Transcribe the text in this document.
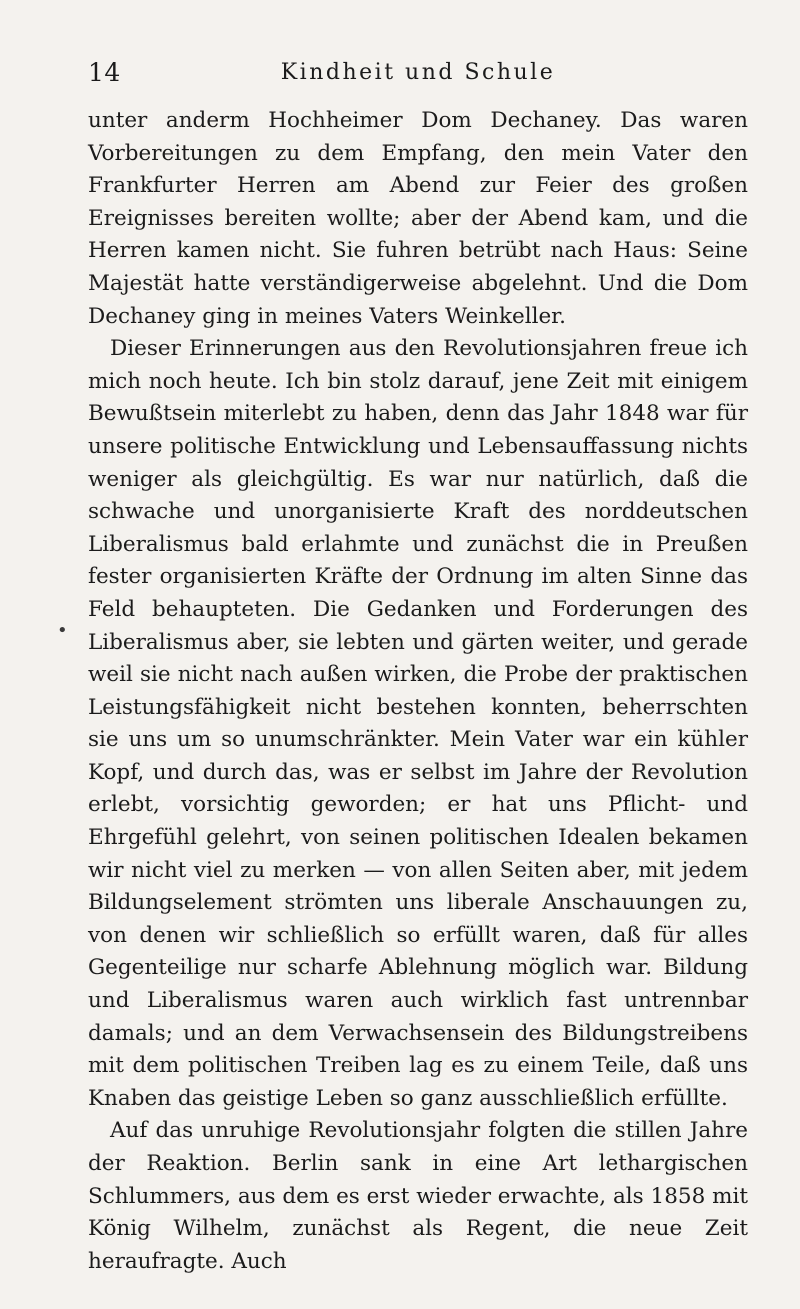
14	Kindheit und Schule
•

unter anderm Hochheimer Dom Dechaney. Das waren Vorbereitungen zu dem Empfang, den mein Vater den Frankfurter Herren am Abend zur Feier des großen Ereignisses bereiten wollte; aber der Abend kam, und die Herren kamen nicht. Sie fuhren betrübt nach Haus: Seine Majestät hatte verständigerweise abgelehnt. Und die Dom Dechaney ging in meines Vaters Weinkeller.

Dieser Erinnerungen aus den Revolutionsjahren freue ich mich noch heute. Ich bin stolz darauf, jene Zeit mit einigem Bewußtsein miterlebt zu haben, denn das Jahr 1848 war für unsere politische Entwicklung und Lebensauffassung nichts weniger als gleichgültig. Es war nur natürlich, daß die schwache und unorganisierte Kraft des norddeutschen Liberalismus bald erlahmte und zunächst die in Preußen fester organisierten Kräfte der Ordnung im alten Sinne das Feld behaupteten. Die Gedanken und Forderungen des Liberalismus aber, sie lebten und gärten weiter, und gerade weil sie nicht nach außen wirken, die Probe der praktischen Leistungsfähigkeit nicht bestehen konnten, beherrschten sie uns um so unumschränkter. Mein Vater war ein kühler Kopf, und durch das, was er selbst im Jahre der Revolution erlebt, vorsichtig geworden; er hat uns Pflicht- und Ehrgefühl gelehrt, von seinen politischen Idealen bekamen wir nicht viel zu merken — von allen Seiten aber, mit jedem Bildungselement strömten uns liberale Anschauungen zu, von denen wir schließlich so erfüllt waren, daß für alles Gegenteilige nur scharfe Ablehnung möglich war. Bildung und Liberalismus waren auch wirklich fast untrennbar damals; und an dem Verwachsensein des Bildungstreibens mit dem politischen Treiben lag es zu einem Teile, daß uns Knaben das geistige Leben so ganz ausschließlich erfüllte.

Auf das unruhige Revolutionsjahr folgten die stillen Jahre der Reaktion. Berlin sank in eine Art lethargischen Schlummers, aus dem es erst wieder erwachte, als 1858 mit König Wilhelm, zunächst als Regent, die neue Zeit heraufragte. Auch
